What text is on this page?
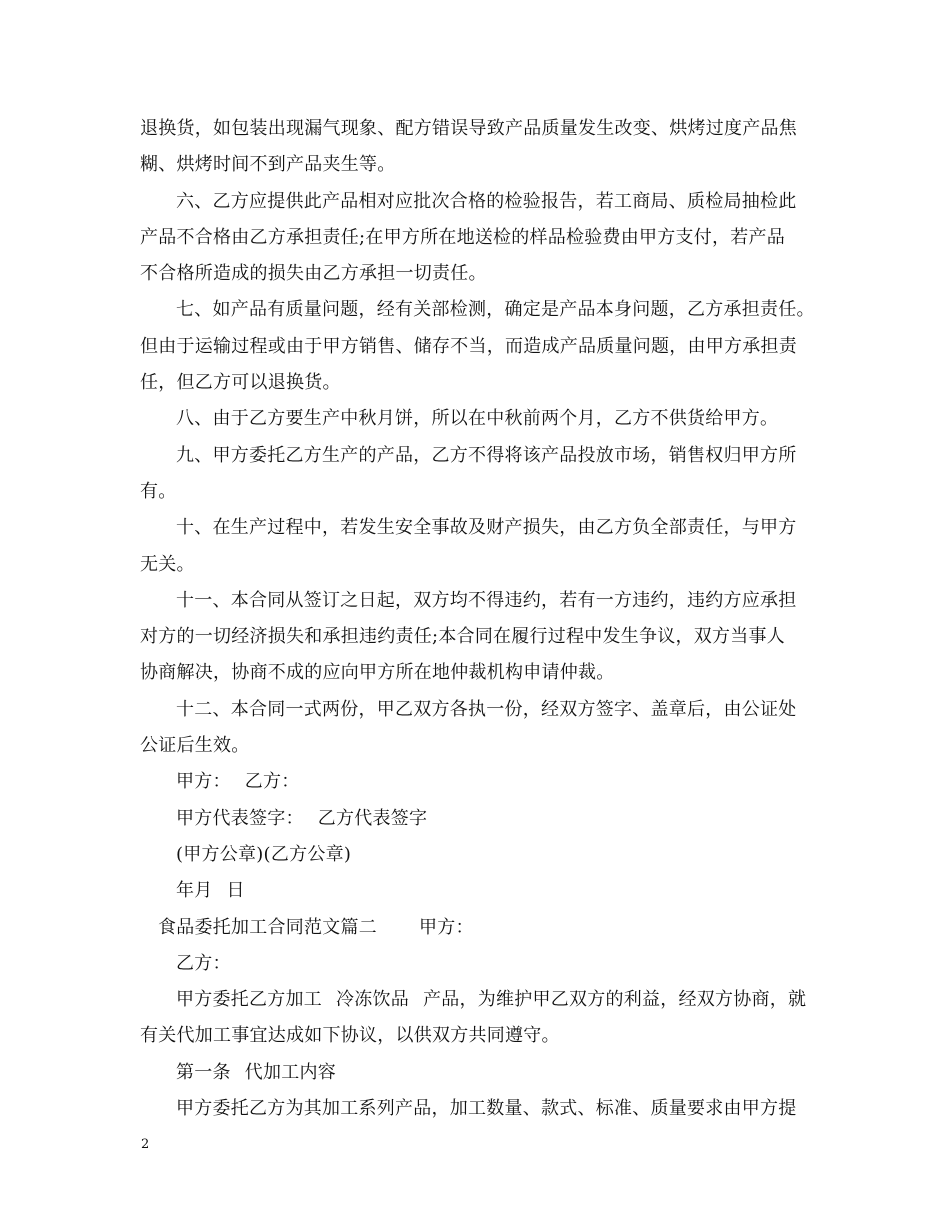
退换货，如包装出现漏气现象、配方错误导致产品质量发生改变、烘烤过度产品焦
糊、烘烤时间不到产品夹生等。
六、乙方应提供此产品相对应批次合格的检验报告，若工商局、质检局抽检此
产品不合格由乙方承担责任;在甲方所在地送检的样品检验费由甲方支付，若产品
不合格所造成的损失由乙方承担一切责任。
七、如产品有质量问题，经有关部检测，确定是产品本身问题，乙方承担责任。
但由于运输过程或由于甲方销售、储存不当，而造成产品质量问题，由甲方承担责
任，但乙方可以退换货。
八、由于乙方要生产中秋月饼，所以在中秋前两个月，乙方不供货给甲方。
九、甲方委托乙方生产的产品，乙方不得将该产品投放市场，销售权归甲方所
有。
十、在生产过程中，若发生安全事故及财产损失，由乙方负全部责任，与甲方
无关。
十一、本合同从签订之日起，双方均不得违约，若有一方违约，违约方应承担
对方的一切经济损失和承担违约责任;本合同在履行过程中发生争议，双方当事人
协商解决，协商不成的应向甲方所在地仲裁机构申请仲裁。
十二、本合同一式两份，甲乙双方各执一份，经双方签字、盖章后，由公证处
公证后生效。
甲方： 乙方：
甲方代表签字： 乙方代表签字
(甲方公章)(乙方公章)
年月 日
食品委托加工合同范文篇二 甲方：
乙方：
甲方委托乙方加工 冷冻饮品 产品，为维护甲乙双方的利益，经双方协商，就
有关代加工事宜达成如下协议，以供双方共同遵守。
第一条 代加工内容
甲方委托乙方为其加工系列产品，加工数量、款式、标准、质量要求由甲方提
2
